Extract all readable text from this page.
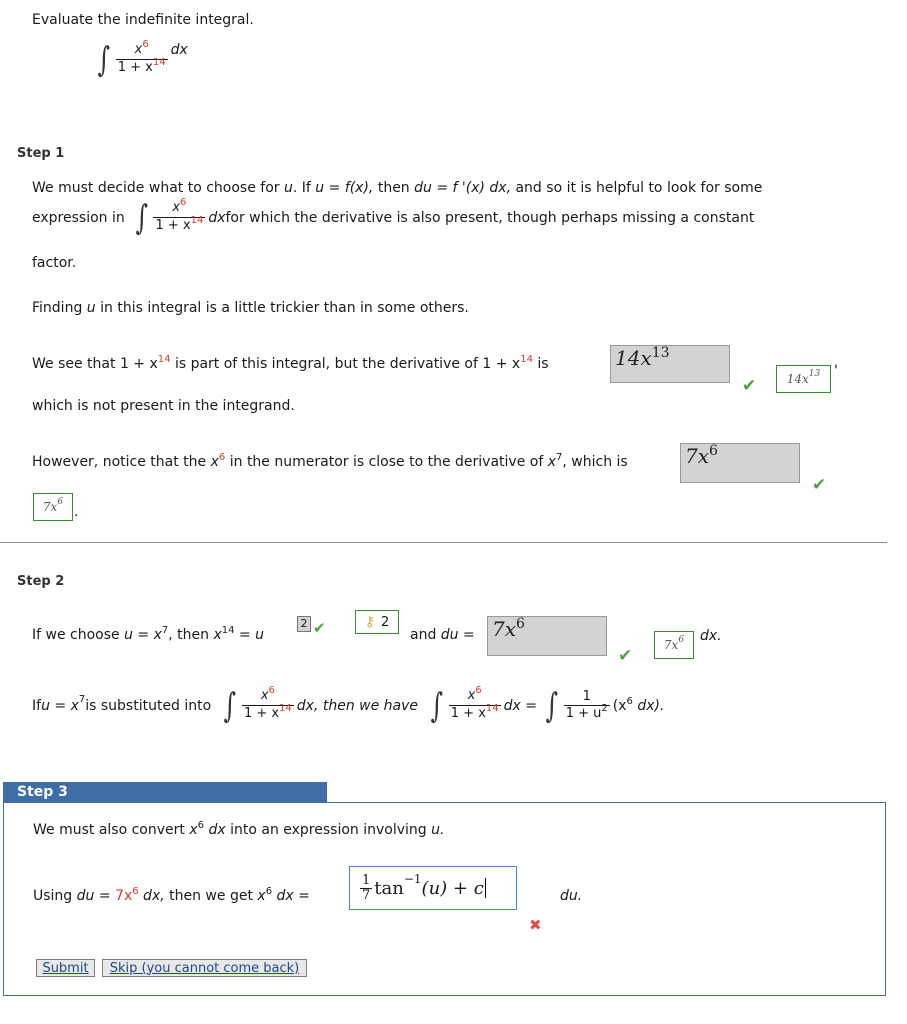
Evaluate the indefinite integral.
∫ $\frac{x^6}{1 + x^{14}}$ dx
Step 1
We must decide what to choose for u. If u = f(x), then du = f '(x) dx, and so it is helpful to look for some
expression in ∫ $\frac{x^6}{1 + x^{14}}$ dx for which the derivative is also present, though perhaps missing a constant
factor.
Finding u in this integral is a little trickier than in some others.
We see that $1 + x^{14}$ is part of this integral, but the derivative of $1 + x^{14}$ is	$14x^{13}$
✔	14x 13 '
which is not present in the integrand.
However, notice that the $x^6$ in the numerator is close to the derivative of $x^7$, which is	$7x^6$
✔
7x 6
.
Step 2
If we choose $u = x^7$, then $x^{14} = u$
2 ✔	⚷ 2
and du = $7x^6$
✔
7x 6 dx.
If u = x 7 is substituted into ∫ $\frac{x^6}{1 + x^{14}}$ dx, then we have ∫ $\frac{x^6}{1 + x^{14}}$ dx = ∫ $\frac{1}{1 + u^2} (x^6$ dx).
Step 3
We must also convert $x^6$ dx into an expression involving u.
Using du = $7x^6$ dx, then we get $x^6$ dx =	$\frac{1}{7}$ tan −1 (u) + c	du.
✖
Submit	Skip (you cannot come back)
